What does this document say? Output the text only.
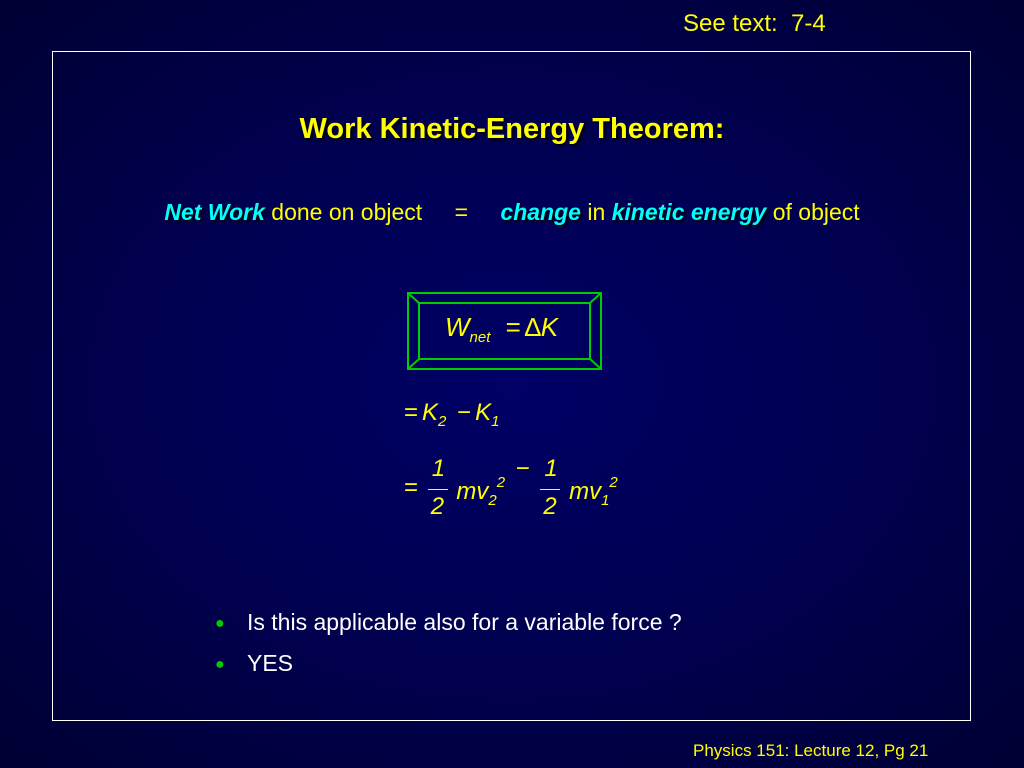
See text:  7-4
Work Kinetic-Energy Theorem:
Net Work done on object = change in kinetic energy of object
$W_{net} = \Delta K$
= $K_2 - K_1$
= $\frac{1}{2} mv_2^2 - \frac{1}{2} mv_1^2$
● Is this applicable also for a variable force ?
● YES
Physics 151: Lecture 12, Pg 21
